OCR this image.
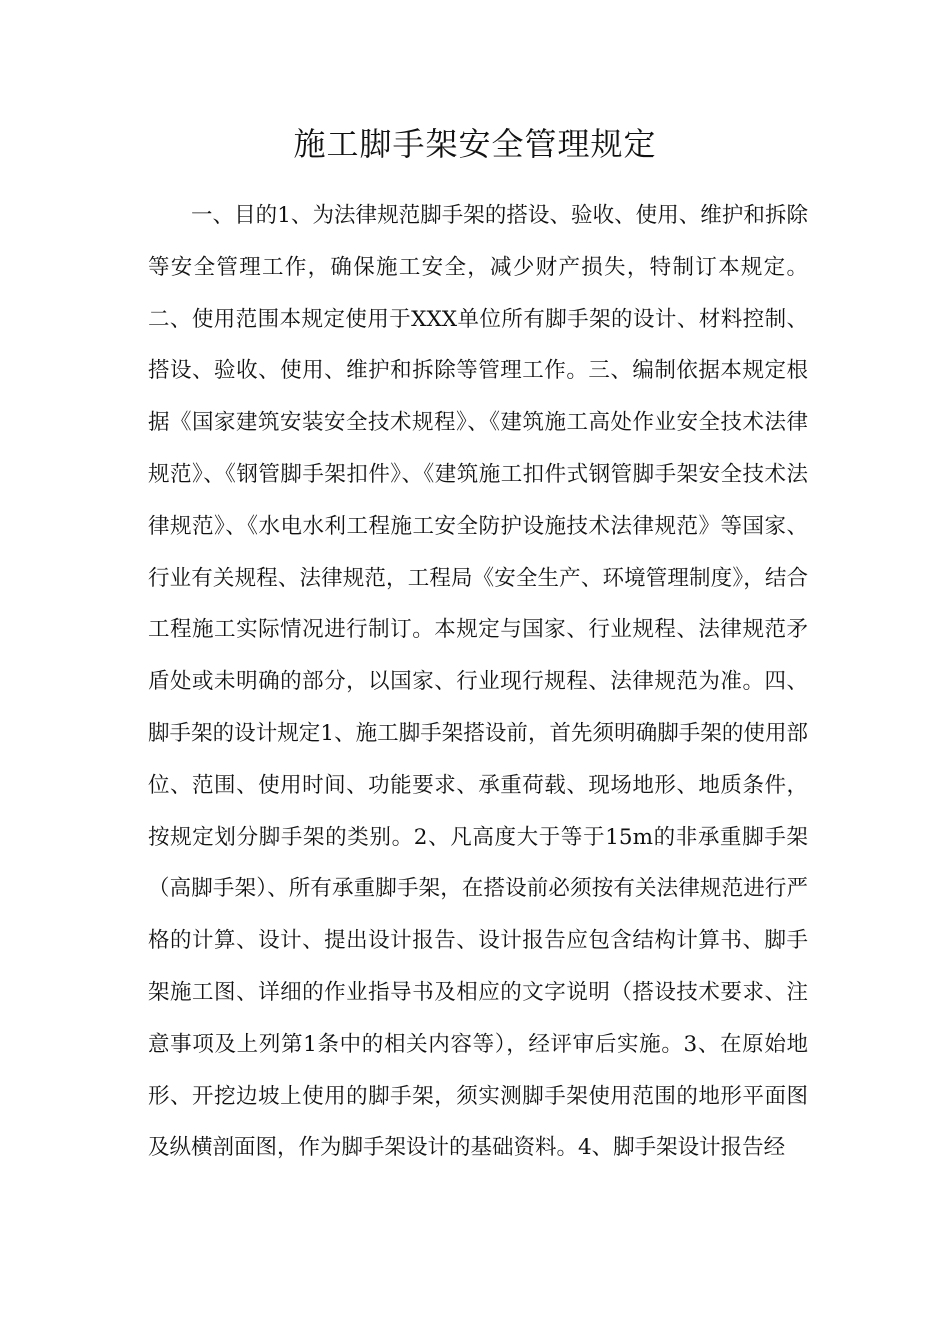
施工脚手架安全管理规定

一、目的1、为法律规范脚手架的搭设、验收、使用、维护和拆除等安全管理工作，确保施工安全，减少财产损失，特制订本规定。二、使用范围本规定使用于XXX单位所有脚手架的设计、材料控制、搭设、验收、使用、维护和拆除等管理工作。三、编制依据本规定根据《国家建筑安装安全技术规程》、《建筑施工高处作业安全技术法律规范》、《钢管脚手架扣件》、《建筑施工扣件式钢管脚手架安全技术法律规范》、《水电水利工程施工安全防护设施技术法律规范》等国家、行业有关规程、法律规范，工程局《安全生产、环境管理制度》，结合工程施工实际情况进行制订。本规定与国家、行业规程、法律规范矛盾处或未明确的部分，以国家、行业现行规程、法律规范为准。四、脚手架的设计规定1、施工脚手架搭设前，首先须明确脚手架的使用部位、范围、使用时间、功能要求、承重荷载、现场地形、地质条件，按规定划分脚手架的类别。2、凡高度大于等于15m的非承重脚手架（高脚手架）、所有承重脚手架，在搭设前必须按有关法律规范进行严格的计算、设计、提出设计报告、设计报告应包含结构计算书、脚手架施工图、详细的作业指导书及相应的文字说明（搭设技术要求、注意事项及上列第1条中的相关内容等），经评审后实施。3、在原始地形、开挖边坡上使用的脚手架，须实测脚手架使用范围的地形平面图及纵横剖面图，作为脚手架设计的基础资料。4、脚手架设计报告经
